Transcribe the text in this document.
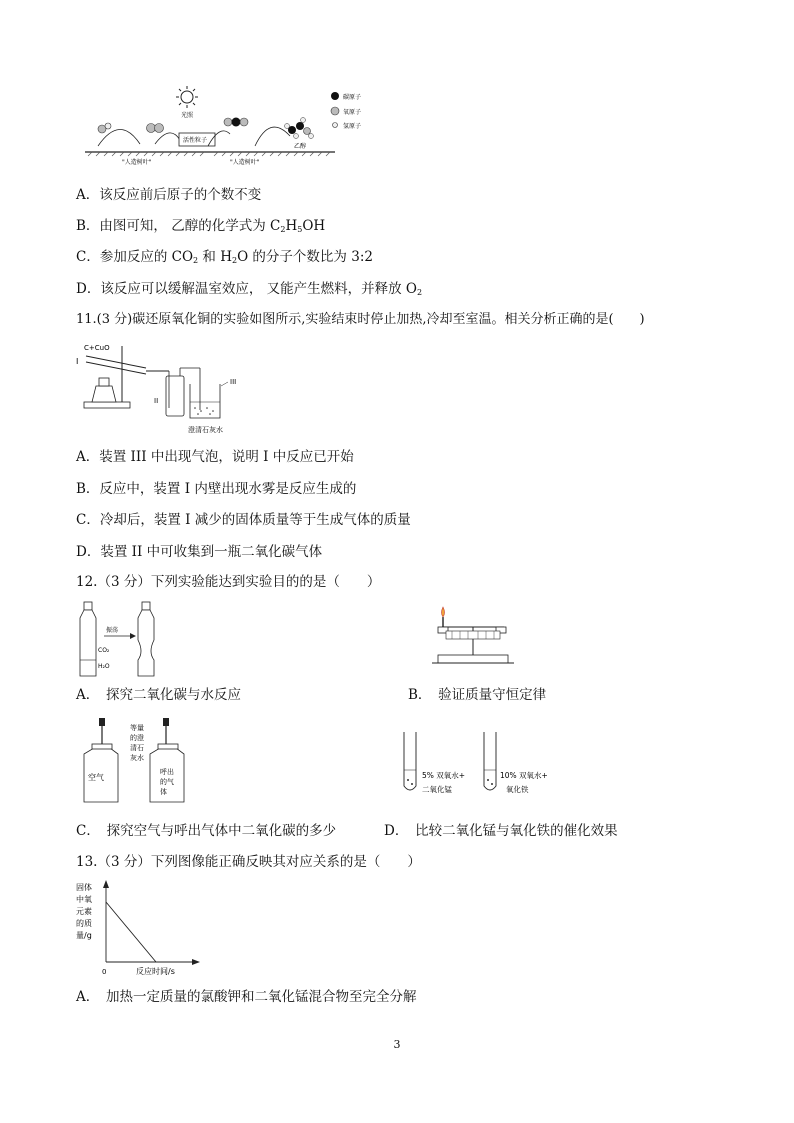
光照
"人造树叶"	"人造树叶"
活性粒子
乙醇
碳原子
氧原子
氢原子
A．该反应前后原子的个数不变
B．由图可知， 乙醇的化学式为 $C_2H_5OH$
C．参加反应的 $CO_2$ 和 $H_2O$ 的分子个数比为 3:2
D．该反应可以缓解温室效应， 又能产生燃料，并释放 $O_2$
11.(3 分)碳还原氧化铜的实验如图所示,实验结束时停止加热,冷却至室温。相关分析正确的是(　　)
C+CuO
I
II
III
澄清石灰水
A．装置 III 中出现气泡，说明 I 中反应已开始
B．反应中，装置 I 内壁出现水雾是反应生成的
C．冷却后，装置 I 减少的固体质量等于生成气体的质量
D．装置 II 中可收集到一瓶二氧化碳气体
12.（3 分）下列实验能达到实验目的的是（　　）
CO₂
H₂O
振荡
A．　探究二氧化碳与水反应	B．　验证质量守恒定律
空气
等量
的澄
清石
灰水
呼出
的气
体
5% 双氧水+
二氧化锰
10% 双氧水+
氧化铁
C．　探究空气与呼出气体中二氧化碳的多少	D．　比较二氧化锰与氧化铁的催化效果
13.（3 分）下列图像能正确反映其对应关系的是（　　）
固体
中氧
元素
的质
量/g
0	反应时间/s
A．　加热一定质量的氯酸钾和二氧化锰混合物至完全分解
3
